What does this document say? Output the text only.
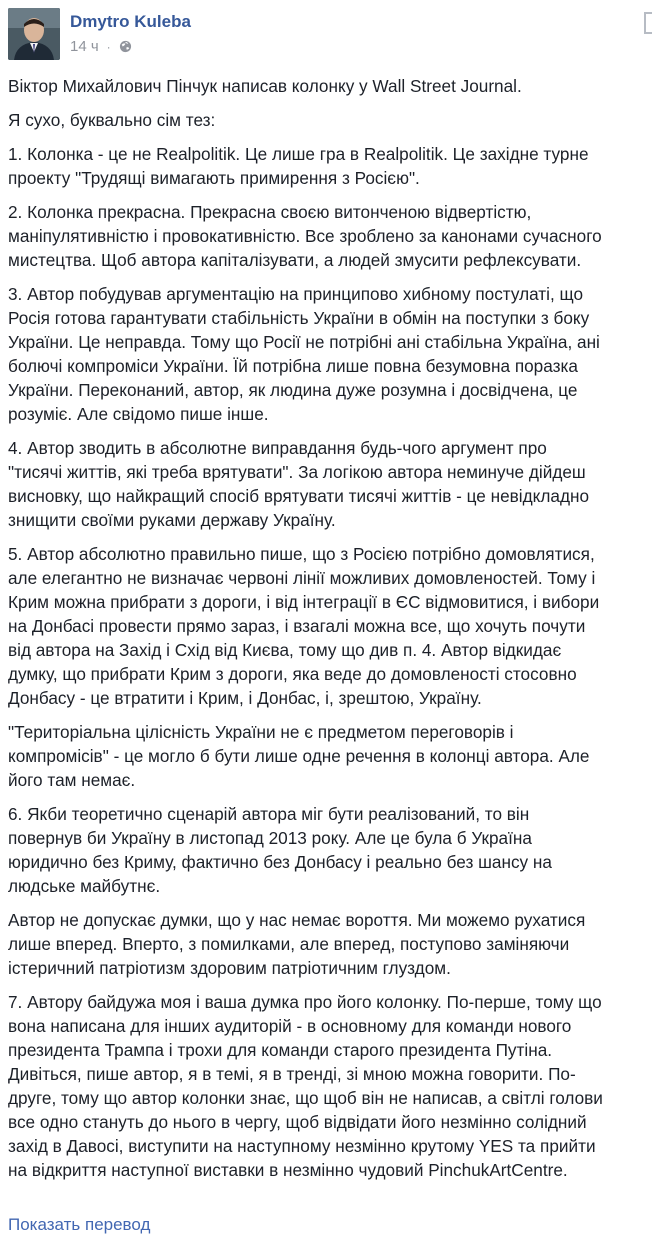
Dmytro Kuleba
14 ч ·

Віктор Михайлович Пінчук написав колонку у Wall Street Journal.

Я сухо, буквально сім тез:

1. Колонка - це не Realpolitik. Це лише гра в Realpolitik. Це західне турне
проекту "Трудящі вимагають примирення з Росією".

2. Колонка прекрасна. Прекрасна своєю витонченою відвертістю,
маніпулятивністю і провокативністю. Все зроблено за канонами сучасного
мистецтва. Щоб автора капіталізувати, а людей змусити рефлексувати.

3. Автор побудував аргументацію на принципово хибному постулаті, що
Росія готова гарантувати стабільність України в обмін на поступки з боку
України. Це неправда. Тому що Росії не потрібні ані стабільна Україна, ані
болючі компроміси України. Їй потрібна лише повна безумовна поразка
України. Переконаний, автор, як людина дуже розумна і досвідчена, це
розуміє. Але свідомо пише інше.

4. Автор зводить в абсолютне виправдання будь-чого аргумент про
"тисячі життів, які треба врятувати". За логікою автора неминуче дійдеш
висновку, що найкращий спосіб врятувати тисячі життів - це невідкладно
знищити своїми руками державу Україну.

5. Автор абсолютно правильно пише, що з Росією потрібно домовлятися,
але елегантно не визначає червоні лінії можливих домовленостей. Тому і
Крим можна прибрати з дороги, і від інтеграції в ЄС відмовитися, і вибори
на Донбасі провести прямо зараз, і взагалі можна все, що хочуть почути
від автора на Захід і Схід від Києва, тому що див п. 4. Автор відкидає
думку, що прибрати Крим з дороги, яка веде до домовленості стосовно
Донбасу - це втратити і Крим, і Донбас, і, зрештою, Україну.

"Територіальна цілісність України не є предметом переговорів і
компромісів" - це могло б бути лише одне речення в колонці автора. Але
його там немає.

6. Якби теоретично сценарій автора міг бути реалізований, то він
повернув би Україну в листопад 2013 року. Але це була б Україна
юридично без Криму, фактично без Донбасу і реально без шансу на
людське майбутнє.

Автор не допускає думки, що у нас немає вороття. Ми можемо рухатися
лише вперед. Вперто, з помилками, але вперед, поступово заміняючи
істеричний патріотизм здоровим патріотичним глуздом.

7. Автору байдужа моя і ваша думка про його колонку. По-перше, тому що
вона написана для інших аудиторій - в основному для команди нового
президента Трампа і трохи для команди старого президента Путіна.
Дивіться, пише автор, я в темі, я в тренді, зі мною можна говорити. По-
друге, тому що автор колонки знає, що щоб він не написав, а світлі голови
все одно стануть до нього в чергу, щоб відвідати його незмінно солідний
захід в Давосі, виступити на наступному незмінно крутому YES та прийти
на відкриття наступної виставки в незмінно чудовий PinchukArtCentre.

Показать перевод
